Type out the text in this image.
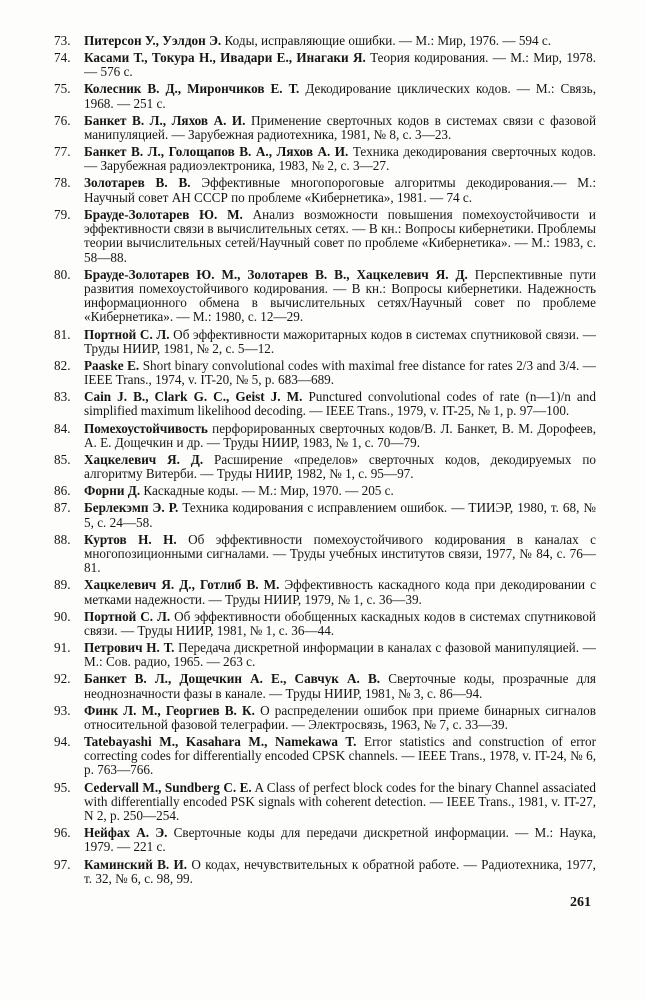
73.	Питерсон У., Уэлдон Э. Коды, исправляющие ошибки. — М.: Мир, 1976. — 594 с.
74.	Касами Т., Токура Н., Ивадари Е., Инагаки Я. Теория кодирования. — М.: Мир, 1978. — 576 с.
75.	Колесник В. Д., Мирончиков Е. Т. Декодирование циклических кодов. — М.: Связь, 1968. — 251 с.
76.	Банкет В. Л., Ляхов А. И. Применение сверточных кодов в системах связи с фазовой манипуляцией. — Зарубежная радиотехника, 1981, № 8, с. 3—23.
77.	Банкет В. Л., Голощапов В. А., Ляхов А. И. Техника декодирования сверточных кодов. — Зарубежная радиоэлектроника, 1983, № 2, с. 3—27.
78.	Золотарев В. В. Эффективные многопороговые алгоритмы декодирования.— М.: Научный совет АН СССР по проблеме «Кибернетика», 1981. — 74 с.
79.	Брауде-Золотарев Ю. М. Анализ возможности повышения помехоустойчивости и эффективности связи в вычислительных сетях. — В кн.: Вопросы кибернетики. Проблемы теории вычислительных сетей/Научный совет по проблеме «Кибернетика». — М.: 1983, с. 58—88.
80.	Брауде-Золотарев Ю. М., Золотарев В. В., Хацкелевич Я. Д. Перспективные пути развития помехоустойчивого кодирования. — В кн.: Вопросы кибернетики. Надежность информационного обмена в вычислительных сетях/Научный совет по проблеме «Кибернетика». — М.: 1980, с. 12—29.
81.	Портной С. Л. Об эффективности мажоритарных кодов в системах спутниковой связи. — Труды НИИР, 1981, № 2, с. 5—12.
82.	Paaske E. Short binary convolutional codes with maximal free distance for rates 2/3 and 3/4. — IEEE Trans., 1974, v. IT-20, № 5, p. 683—689.
83.	Cain J. B., Clark G. C., Geist J. M. Punctured convolutional codes of rate (n—1)/n and simplified maximum likelihood decoding. — IEEE Trans., 1979, v. IT-25, № 1, p. 97—100.
84.	Помехоустойчивость перфорированных сверточных кодов/В. Л. Банкет, В. М. Дорофеев, А. Е. Дощечкин и др. — Труды НИИР, 1983, № 1, с. 70—79.
85.	Хацкелевич Я. Д. Расширение «пределов» сверточных кодов, декодируемых по алгоритму Витерби. — Труды НИИР, 1982, № 1, с. 95—97.
86.	Форни Д. Каскадные коды. — М.: Мир, 1970. — 205 с.
87.	Берлекэмп Э. Р. Техника кодирования с исправлением ошибок. — ТИИЭР, 1980, т. 68, № 5, с. 24—58.
88.	Куртов Н. Н. Об эффективности помехоустойчивого кодирования в каналах с многопозиционными сигналами. — Труды учебных институтов связи, 1977, № 84, с. 76—81.
89.	Хацкелевич Я. Д., Готлиб В. М. Эффективность каскадного кода при декодировании с метками надежности. — Труды НИИР, 1979, № 1, с. 36—39.
90.	Портной С. Л. Об эффективности обобщенных каскадных кодов в системах спутниковой связи. — Труды НИИР, 1981, № 1, с. 36—44.
91.	Петрович Н. Т. Передача дискретной информации в каналах с фазовой манипуляцией. — М.: Сов. радио, 1965. — 263 с.
92.	Банкет В. Л., Дощечкин А. Е., Савчук А. В. Сверточные коды, прозрачные для неоднозначности фазы в канале. — Труды НИИР, 1981, № 3, с. 86—94.
93.	Финк Л. М., Георгиев В. К. О распределении ошибок при приеме бинарных сигналов относительной фазовой телеграфии. — Электросвязь, 1963, № 7, с. 33—39.
94.	Tatebayashi M., Kasahara M., Namekawa T. Error statistics and construction of error correcting codes for differentially encoded CPSK channels. — IEEE Trans., 1978, v. IT-24, № 6, p. 763—766.
95.	Cedervall M., Sundberg C. E. A Class of perfect block codes for the binary Channel assaciated with differentially encoded PSK signals with coherent detection. — IEEE Trans., 1981, v. IT-27, N 2, p. 250—254.
96.	Нейфах А. Э. Сверточные коды для передачи дискретной информации. — М.: Наука, 1979. — 221 с.
97.	Каминский В. И. О кодах, нечувствительных к обратной работе. — Радиотехника, 1977, т. 32, № 6, с. 98, 99.
261
